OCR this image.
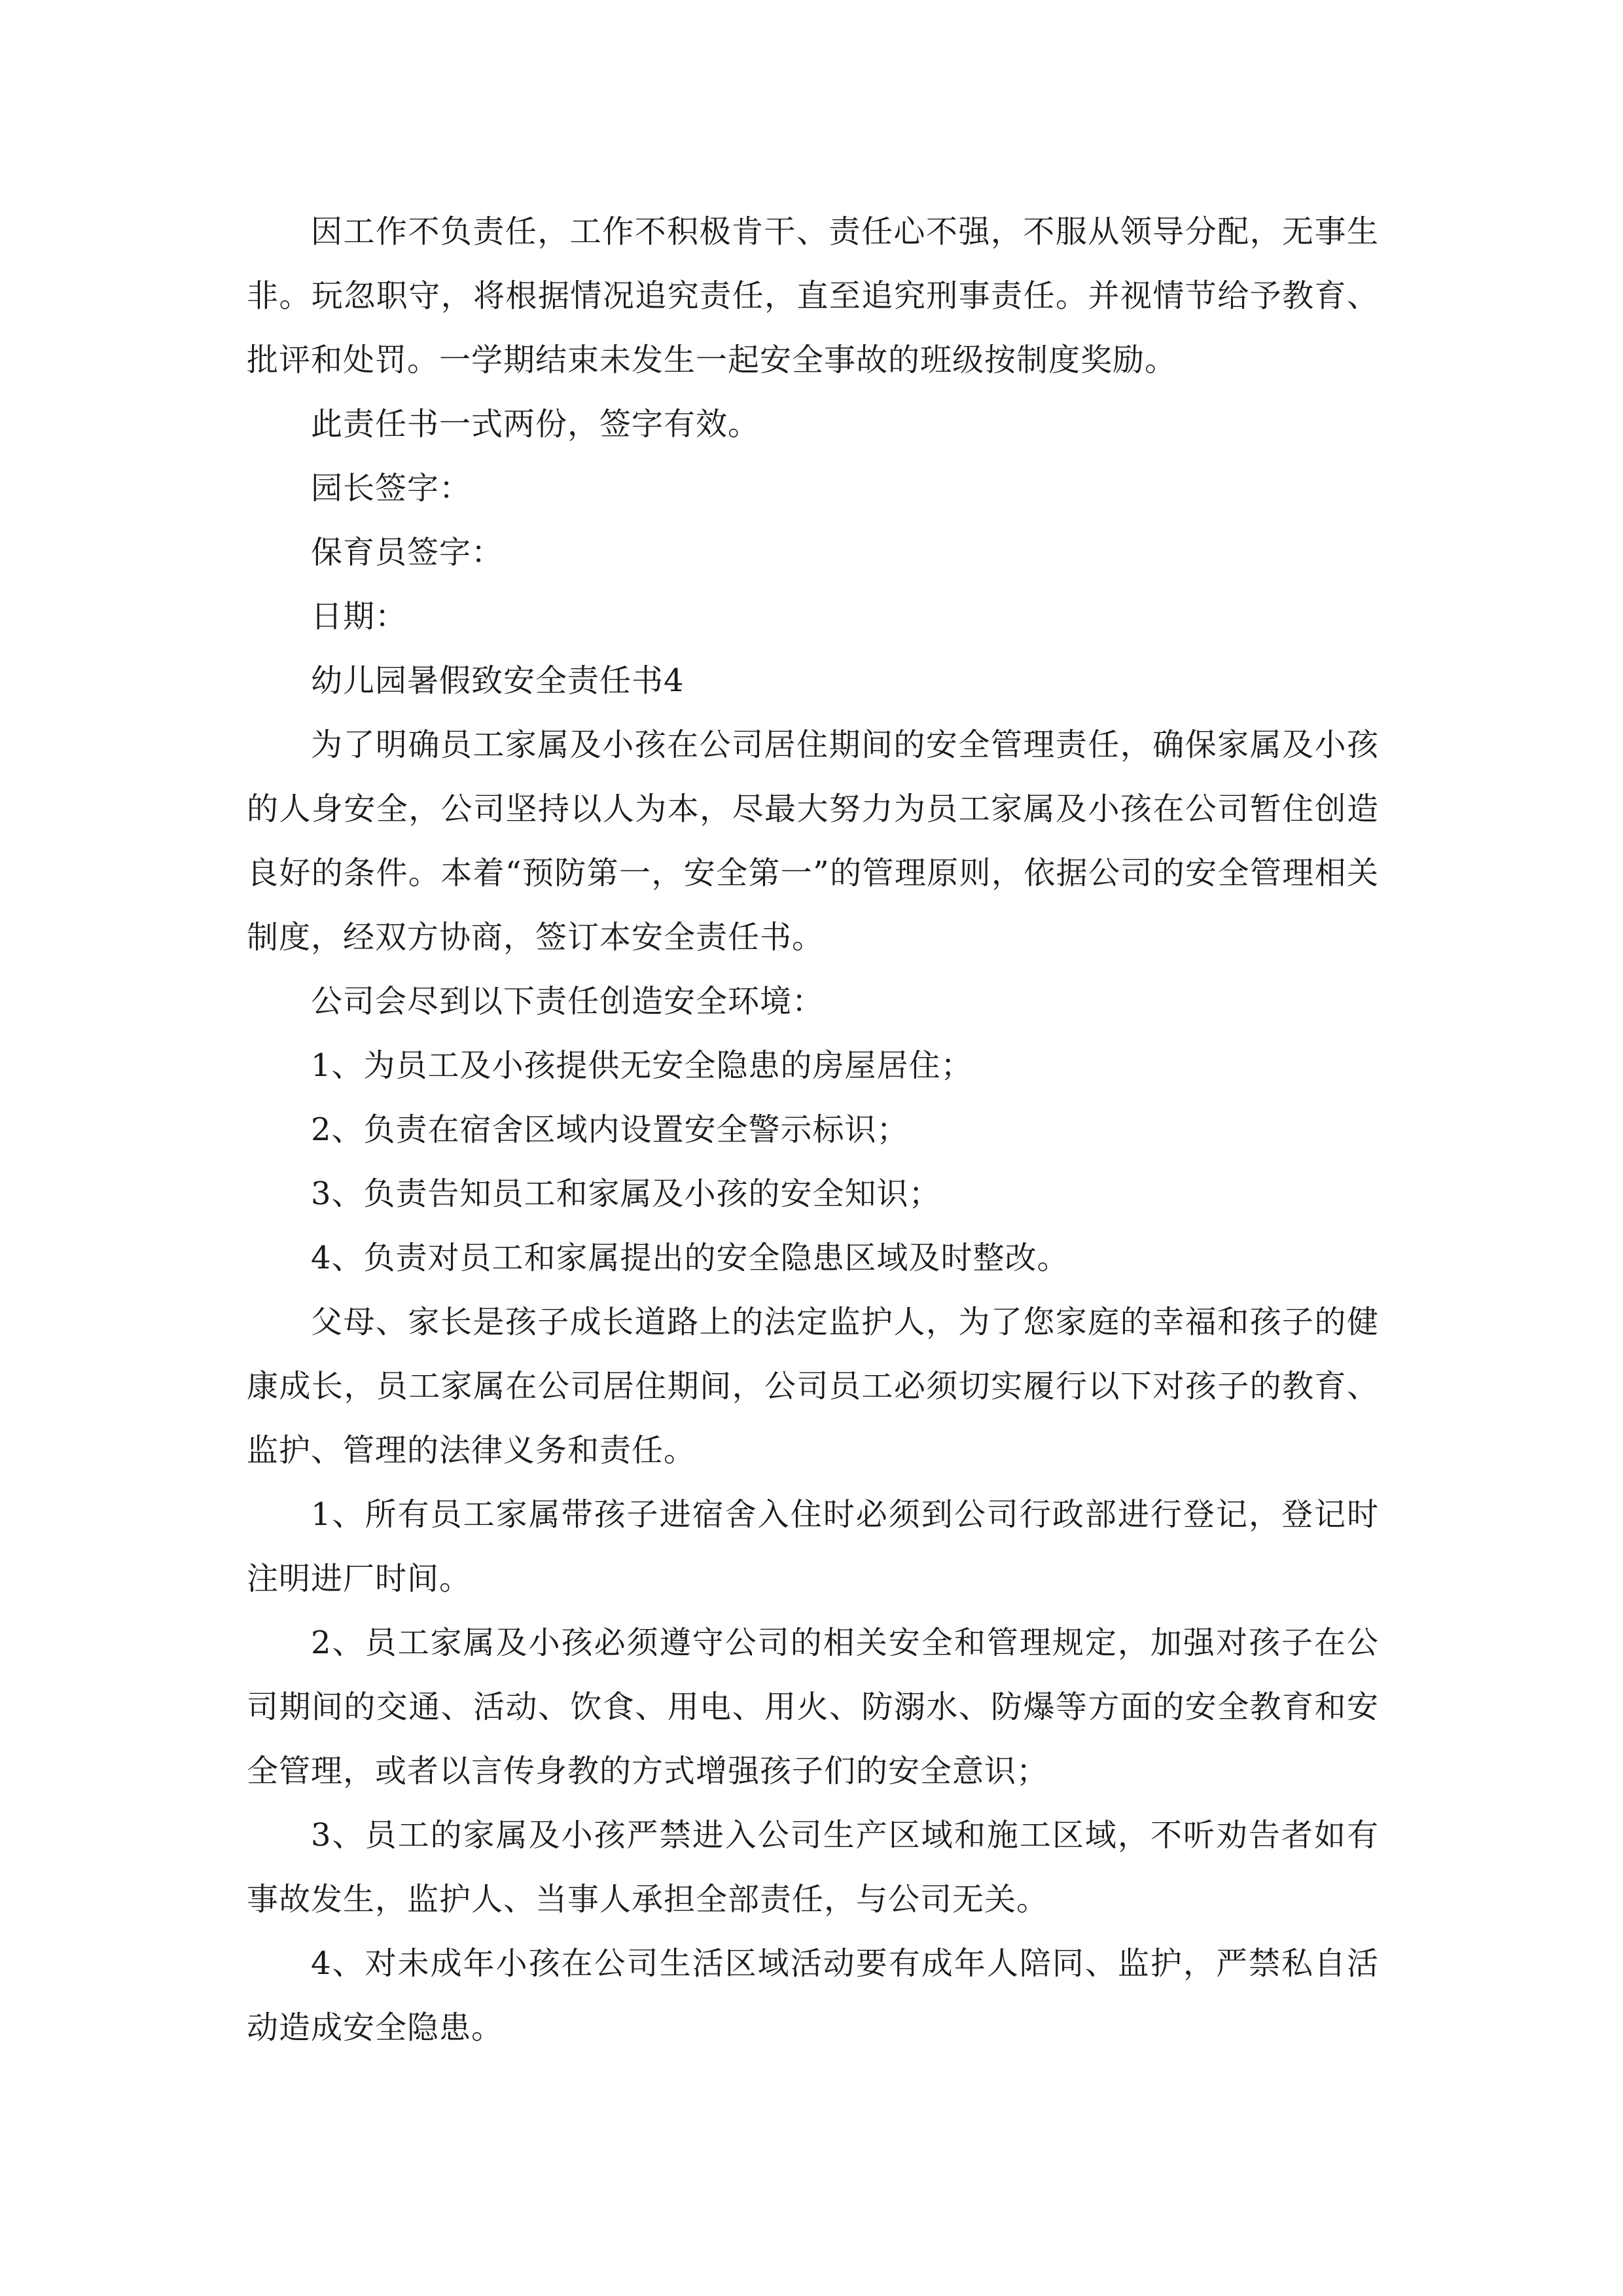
因工作不负责任，工作不积极肯干、责任心不强，不服从领导分配，无事生非。玩忽职守，将根据情况追究责任，直至追究刑事责任。并视情节给予教育、批评和处罚。一学期结束未发生一起安全事故的班级按制度奖励。

此责任书一式两份，签字有效。

园长签字：

保育员签字：

日期：

幼儿园暑假致安全责任书4

为了明确员工家属及小孩在公司居住期间的安全管理责任，确保家属及小孩的人身安全，公司坚持以人为本，尽最大努力为员工家属及小孩在公司暂住创造良好的条件。本着“预防第一，安全第一”的管理原则，依据公司的安全管理相关制度，经双方协商，签订本安全责任书。

公司会尽到以下责任创造安全环境：

1、为员工及小孩提供无安全隐患的房屋居住；

2、负责在宿舍区域内设置安全警示标识；

3、负责告知员工和家属及小孩的安全知识；

4、负责对员工和家属提出的安全隐患区域及时整改。

父母、家长是孩子成长道路上的法定监护人，为了您家庭的幸福和孩子的健康成长，员工家属在公司居住期间，公司员工必须切实履行以下对孩子的教育、监护、管理的法律义务和责任。

1、所有员工家属带孩子进宿舍入住时必须到公司行政部进行登记，登记时注明进厂时间。

2、员工家属及小孩必须遵守公司的相关安全和管理规定，加强对孩子在公司期间的交通、活动、饮食、用电、用火、防溺水、防爆等方面的安全教育和安全管理，或者以言传身教的方式增强孩子们的安全意识；

3、员工的家属及小孩严禁进入公司生产区域和施工区域，不听劝告者如有事故发生，监护人、当事人承担全部责任，与公司无关。

4、对未成年小孩在公司生活区域活动要有成年人陪同、监护，严禁私自活动造成安全隐患。
